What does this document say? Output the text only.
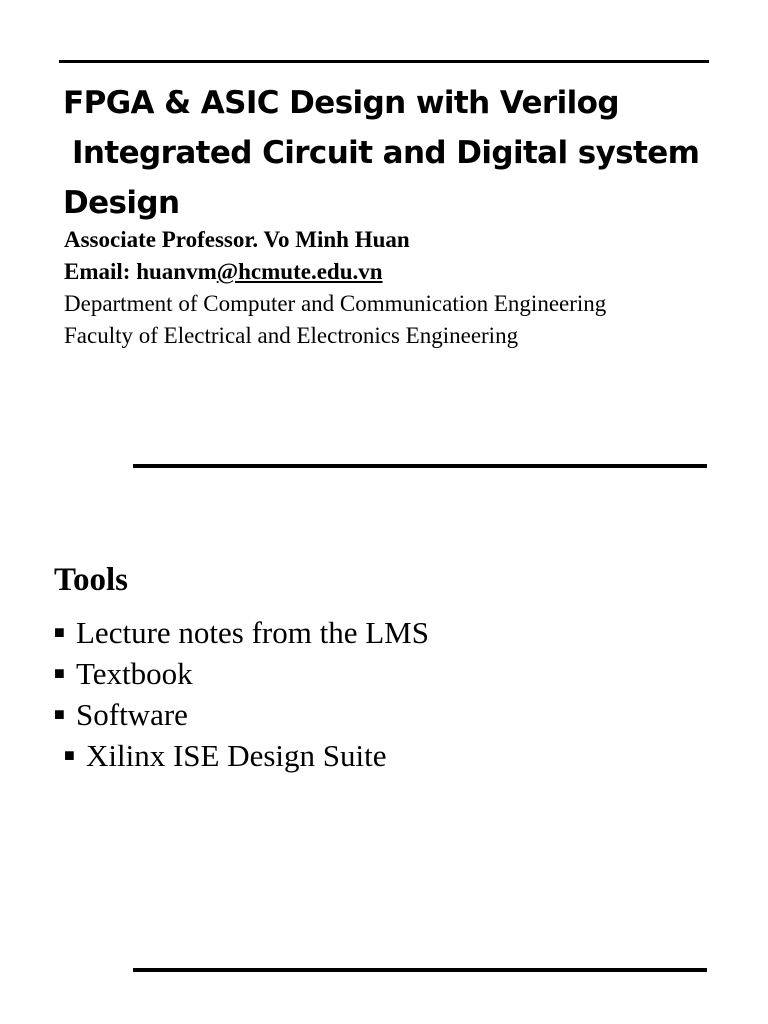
FPGA & ASIC Design with Verilog
Integrated Circuit and Digital system
Design
Associate Professor. Vo Minh Huan
Email: huanvm@hcmute.edu.vn
Department of Computer and Communication Engineering
Faculty of Electrical and Electronics Engineering
Tools
■ Lecture notes from the LMS
■ Textbook
■ Software
■ Xilinx ISE Design Suite
